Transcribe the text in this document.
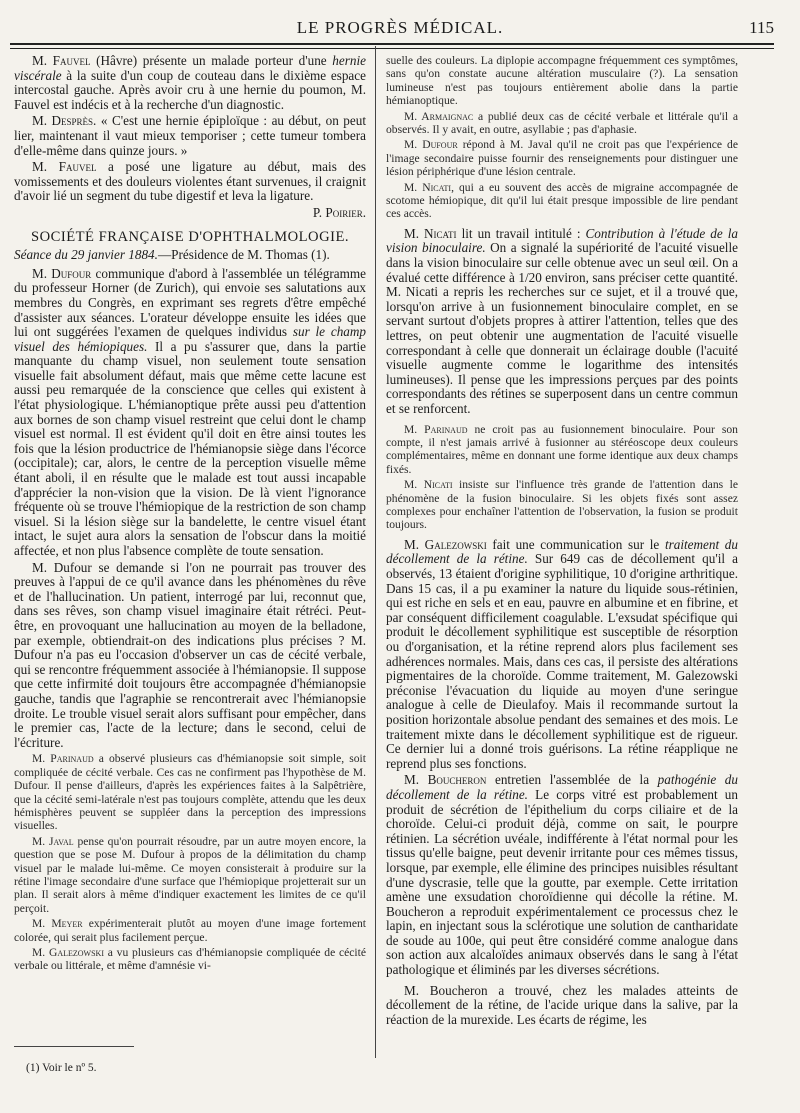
LE PROGRÈS MÉDICAL.	115

M. Fauvel (Hâvre) présente un malade porteur d'une hernie viscérale à la suite d'un coup de couteau dans le dixième espace intercostal gauche. Après avoir cru à une hernie du poumon, M. Fauvel est indécis et à la recherche d'un diagnostic.

M. Desprès. « C'est une hernie épiploïque : au début, on peut lier, maintenant il vaut mieux temporiser ; cette tumeur tombera d'elle-même dans quinze jours. »

M. Fauvel a posé une ligature au début, mais des vomissements et des douleurs violentes étant survenues, il craignit d'avoir lié un segment du tube digestif et leva la ligature.

P. Poirier.

SOCIÉTÉ FRANÇAISE D'OPHTHALMOLOGIE.

Séance du 29 janvier 1884.—Présidence de M. Thomas (1).

M. Dufour communique d'abord à l'assemblée un télégramme du professeur Horner (de Zurich), qui envoie ses salutations aux membres du Congrès, en exprimant ses regrets d'être empêché d'assister aux séances. L'orateur développe ensuite les idées que lui ont suggérées l'examen de quelques individus sur le champ visuel des hémiopiques. Il a pu s'assurer que, dans la partie manquante du champ visuel, non seulement toute sensation visuelle fait absolument défaut, mais que même cette lacune est aussi peu remarquée de la conscience que celles qui existent à l'état physiologique. L'hémianoptique prête aussi peu d'attention aux bornes de son champ visuel restreint que celui dont le champ visuel est normal. Il est évident qu'il doit en être ainsi toutes les fois que la lésion productrice de l'hémianopsie siège dans l'écorce (occipitale); car, alors, le centre de la perception visuelle même étant aboli, il en résulte que le malade est tout aussi incapable d'apprécier la non-vision que la vision. De là vient l'ignorance fréquente où se trouve l'hémiopique de la restriction de son champ visuel. Si la lésion siège sur la bandelette, le centre visuel étant intact, le sujet aura alors la sensation de l'obscur dans la moitié affectée, et non plus l'absence complète de toute sensation.

M. Dufour se demande si l'on ne pourrait pas trouver des preuves à l'appui de ce qu'il avance dans les phénomènes du rêve et de l'hallucination. Un patient, interrogé par lui, reconnut que, dans ses rêves, son champ visuel imaginaire était rétréci. Peut-être, en provoquant une hallucination au moyen de la belladone, par exemple, obtiendrait-on des indications plus précises ? M. Dufour n'a pas eu l'occasion d'observer un cas de cécité verbale, qui se rencontre fréquemment associée à l'hémianopsie. Il suppose que cette infirmité doit toujours être accompagnée d'hémianopsie gauche, tandis que l'agraphie se rencontrerait avec l'hémianopsie droite. Le trouble visuel serait alors suffisant pour empêcher, dans le premier cas, l'acte de la lecture; dans le second, celui de l'écriture.

M. Parinaud a observé plusieurs cas d'hémianopsie soit simple, soit compliquée de cécité verbale. Ces cas ne confirment pas l'hypothèse de M. Dufour. Il pense d'ailleurs, d'après les expériences faites à la Salpêtrière, que la cécité semi-latérale n'est pas toujours complète, attendu que les deux hémisphères peuvent se suppléer dans la perception des impressions visuelles.

M. Javal pense qu'on pourrait résoudre, par un autre moyen encore, la question que se pose M. Dufour à propos de la délimitation du champ visuel par le malade lui-même. Ce moyen consisterait à produire sur la rétine l'image secondaire d'une surface que l'hémiopique projetterait sur un plan. Il serait alors à même d'indiquer exactement les limites de ce qu'il perçoit.

M. Meyer expérimenterait plutôt au moyen d'une image fortement colorée, qui serait plus facilement perçue.

M. Galezowski a vu plusieurs cas d'hémianopsie compliquée de cécité verbale ou littérale, et même d'amnésie vi-

(1) Voir le nº 5.

suelle des couleurs. La diplopie accompagne fréquemment ces symptômes, sans qu'on constate aucune altération musculaire (?). La sensation lumineuse n'est pas toujours entièrement abolie dans la partie hémianoptique.

M. Armaignac a publié deux cas de cécité verbale et littérale qu'il a observés. Il y avait, en outre, asyllabie ; pas d'aphasie.

M. Dufour répond à M. Javal qu'il ne croit pas que l'expérience de l'image secondaire puisse fournir des renseignements pour distinguer une lésion périphérique d'une lésion centrale.

M. Nicati, qui a eu souvent des accès de migraine accompagnée de scotome hémiopique, dit qu'il lui était presque impossible de lire pendant ces accès.

M. Nicati lit un travail intitulé : Contribution à l'étude de la vision binoculaire. On a signalé la supériorité de l'acuité visuelle dans la vision binoculaire sur celle obtenue avec un seul œil. On a évalué cette différence à 1/20 environ, sans préciser cette quantité. M. Nicati a repris les recherches sur ce sujet, et il a trouvé que, lorsqu'on arrive à un fusionnement binoculaire complet, en se servant surtout d'objets propres à attirer l'attention, telles que des lettres, on peut obtenir une augmentation de l'acuité visuelle correspondant à celle que donnerait un éclairage double (l'acuité visuelle augmente comme le logarithme des intensités lumineuses). Il pense que les impressions perçues par des points correspondants des rétines se superposent dans un centre commun et se renforcent.

M. Parinaud ne croit pas au fusionnement binoculaire. Pour son compte, il n'est jamais arrivé à fusionner au stéréoscope deux couleurs complémentaires, même en donnant une forme identique aux deux champs fixés.

M. Nicati insiste sur l'influence très grande de l'attention dans le phénomène de la fusion binoculaire. Si les objets fixés sont assez complexes pour enchaîner l'attention de l'observation, la fusion se produit toujours.

M. Galezowski fait une communication sur le traitement du décollement de la rétine. Sur 649 cas de décollement qu'il a observés, 13 étaient d'origine syphilitique, 10 d'origine arthritique. Dans 15 cas, il a pu examiner la nature du liquide sous-rétinien, qui est riche en sels et en eau, pauvre en albumine et en fibrine, et par conséquent difficilement coagulable. L'exsudat spécifique qui produit le décollement syphilitique est susceptible de résorption ou d'organisation, et la rétine reprend alors plus facilement ses adhérences normales. Mais, dans ces cas, il persiste des altérations pigmentaires de la choroïde. Comme traitement, M. Galezowski préconise l'évacuation du liquide au moyen d'une seringue analogue à celle de Dieulafoy. Mais il recommande surtout la position horizontale absolue pendant des semaines et des mois. Le traitement mixte dans le décollement syphilitique est de rigueur. Ce dernier lui a donné trois guérisons. La rétine réapplique ne reprend plus ses fonctions.

M. Boucheron entretien l'assemblée de la pathogénie du décollement de la rétine. Le corps vitré est probablement un produit de sécrétion de l'épithelium du corps ciliaire et de la choroïde. Celui-ci produit déjà, comme on sait, le pourpre rétinien. La sécrétion uvéale, indifférente à l'état normal pour les tissus qu'elle baigne, peut devenir irritante pour ces mêmes tissus, lorsque, par exemple, elle élimine des principes nuisibles résultant d'une dyscrasie, telle que la goutte, par exemple. Cette irritation amène une exsudation choroïdienne qui décolle la rétine. M. Boucheron a reproduit expérimentalement ce processus chez le lapin, en injectant sous la sclérotique une solution de cantharidate de soude au 100e, qui peut être considéré comme analogue dans son action aux alcaloïdes animaux observés dans le sang à l'état pathologique et éliminés par les diverses sécrétions.

M. Boucheron a trouvé, chez les malades atteints de décollement de la rétine, de l'acide urique dans la salive, par la réaction de la murexide. Les écarts de régime, les
